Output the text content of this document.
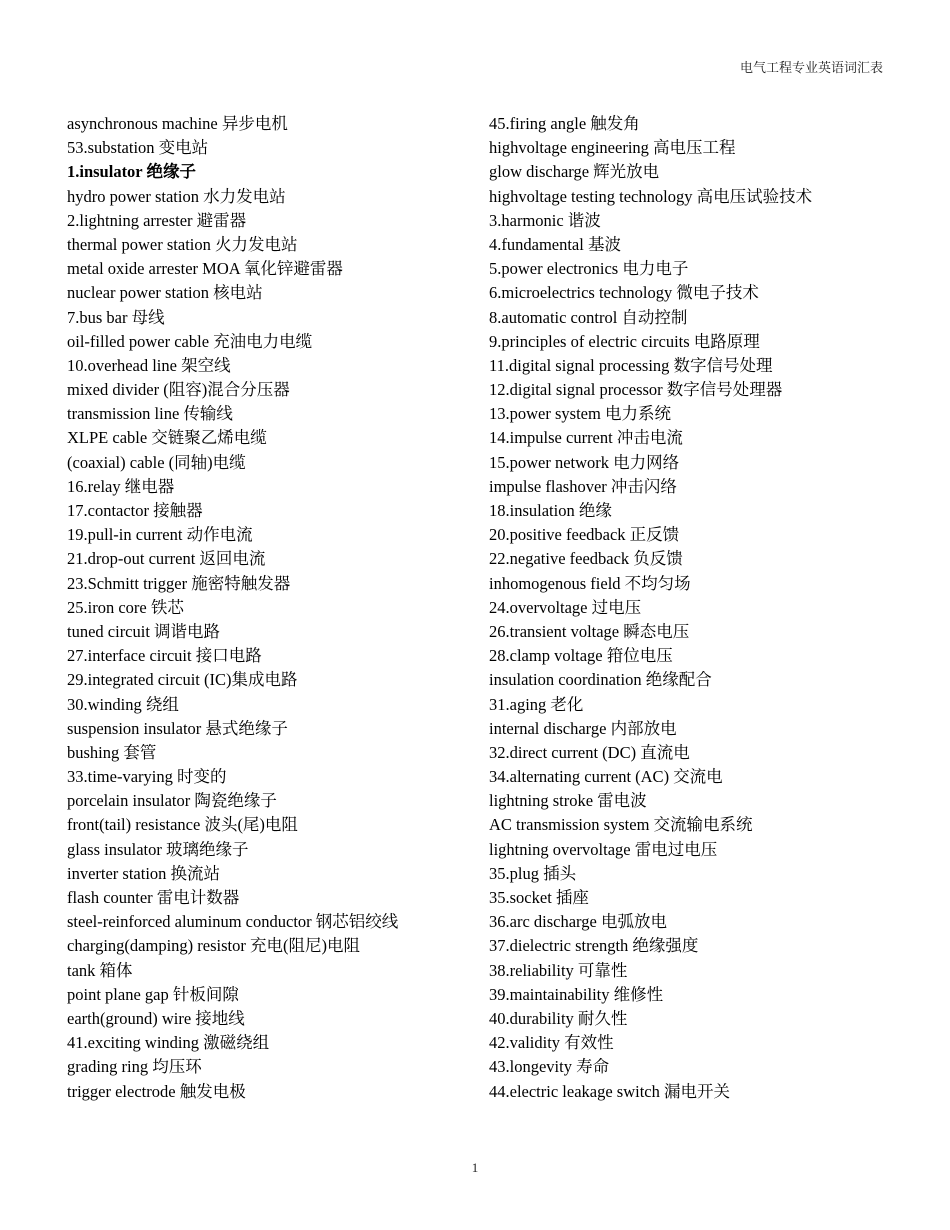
电气工程专业英语词汇表
asynchronous machine 异步电机
53.substation 变电站
1.insulator 绝缘子
hydro power station 水力发电站
2.lightning arrester 避雷器
thermal power station 火力发电站
metal oxide arrester MOA 氧化锌避雷器
nuclear power station 核电站
7.bus bar 母线
oil-filled power cable 充油电力电缆
10.overhead line 架空线
mixed divider (阻容)混合分压器
transmission line 传输线
XLPE cable 交链聚乙烯电缆
(coaxial) cable (同轴)电缆
16.relay 继电器
17.contactor 接触器
19.pull-in current 动作电流
21.drop-out current 返回电流
23.Schmitt trigger 施密特触发器
25.iron core 铁芯
tuned circuit 调谐电路
27.interface circuit 接口电路
29.integrated circuit (IC)集成电路
30.winding 绕组
suspension insulator 悬式绝缘子
bushing 套管
33.time-varying 时变的
porcelain insulator 陶瓷绝缘子
front(tail) resistance 波头(尾)电阻
glass insulator 玻璃绝缘子
inverter station 换流站
flash counter 雷电计数器
steel-reinforced aluminum conductor 钢芯铝绞线
charging(damping) resistor 充电(阻尼)电阻
tank 箱体
point plane gap 针板间隙
earth(ground) wire 接地线
41.exciting winding 激磁绕组
grading ring 均压环
trigger electrode 触发电极
45.firing angle 触发角
highvoltage engineering 高电压工程
glow discharge 辉光放电
highvoltage testing technology 高电压试验技术
3.harmonic 谐波
4.fundamental 基波
5.power electronics 电力电子
6.microelectrics technology 微电子技术
8.automatic control 自动控制
9.principles of electric circuits 电路原理
11.digital signal processing 数字信号处理
12.digital signal processor 数字信号处理器
13.power system 电力系统
14.impulse current 冲击电流
15.power network 电力网络
impulse flashover 冲击闪络
18.insulation 绝缘
20.positive feedback 正反馈
22.negative feedback 负反馈
inhomogenous field 不均匀场
24.overvoltage 过电压
26.transient voltage 瞬态电压
28.clamp voltage 箝位电压
insulation coordination 绝缘配合
31.aging 老化
internal discharge 内部放电
32.direct current (DC) 直流电
34.alternating current (AC) 交流电
lightning stroke 雷电波
AC transmission system 交流输电系统
lightning overvoltage 雷电过电压
35.plug 插头
35.socket 插座
36.arc discharge 电弧放电
37.dielectric strength 绝缘强度
38.reliability 可靠性
39.maintainability 维修性
40.durability 耐久性
42.validity 有效性
43.longevity 寿命
44.electric leakage switch 漏电开关
1
